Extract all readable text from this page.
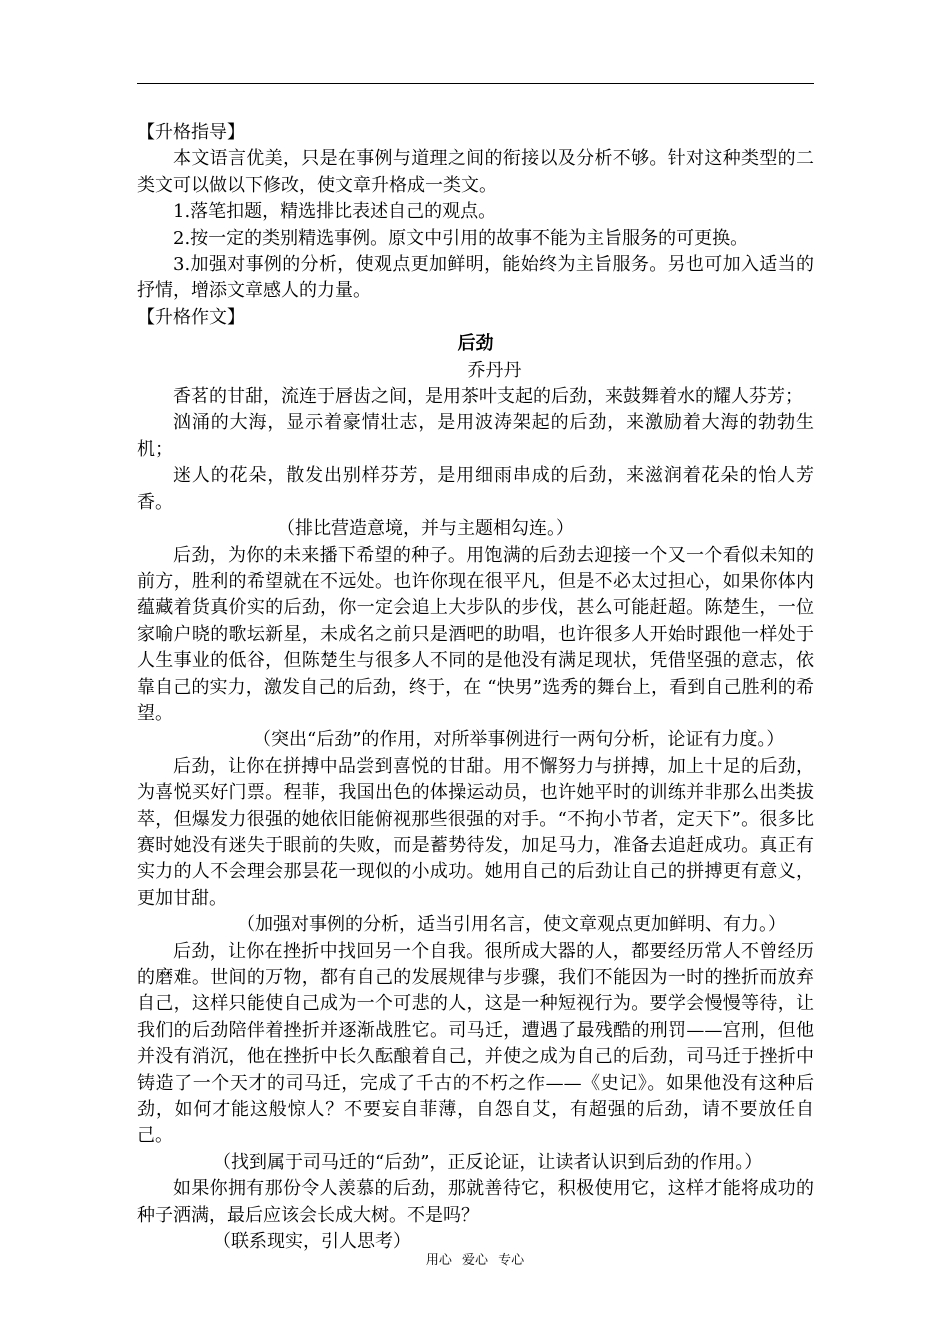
【升格指导】

本文语言优美，只是在事例与道理之间的衔接以及分析不够。针对这种类型的二类文可以做以下修改，使文章升格成一类文。

1.落笔扣题，精选排比表述自己的观点。

2.按一定的类别精选事例。原文中引用的故事不能为主旨服务的可更换。

3.加强对事例的分析，使观点更加鲜明，能始终为主旨服务。另也可加入适当的抒情，增添文章感人的力量。

【升格作文】

后劲

乔丹丹

香茗的甘甜，流连于唇齿之间，是用茶叶支起的后劲，来鼓舞着水的耀人芬芳；

汹涌的大海，显示着豪情壮志，是用波涛架起的后劲，来激励着大海的勃勃生机；

迷人的花朵，散发出别样芬芳，是用细雨串成的后劲，来滋润着花朵的怡人芳香。

（排比营造意境，并与主题相勾连。）

后劲，为你的未来播下希望的种子。用饱满的后劲去迎接一个又一个看似未知的前方，胜利的希望就在不远处。也许你现在很平凡，但是不必太过担心，如果你体内蕴藏着货真价实的后劲，你一定会追上大步队的步伐，甚么可能赶超。陈楚生，一位家喻户晓的歌坛新星，未成名之前只是酒吧的助唱，也许很多人开始时跟他一样处于人生事业的低谷，但陈楚生与很多人不同的是他没有满足现状，凭借坚强的意志，依靠自己的实力，激发自己的后劲，终于，在 “快男”选秀的舞台上，看到自己胜利的希望。

（突出“后劲”的作用，对所举事例进行一两句分析，论证有力度。）

后劲，让你在拼搏中品尝到喜悦的甘甜。用不懈努力与拼搏，加上十足的后劲，为喜悦买好门票。程菲，我国出色的体操运动员，也许她平时的训练并非那么出类拔萃，但爆发力很强的她依旧能俯视那些很强的对手。“不拘小节者，定天下”。很多比赛时她没有迷失于眼前的失败，而是蓄势待发，加足马力，准备去追赶成功。真正有实力的人不会理会那昙花一现似的小成功。她用自己的后劲让自己的拼搏更有意义，更加甘甜。

（加强对事例的分析，适当引用名言，使文章观点更加鲜明、有力。）

后劲，让你在挫折中找回另一个自我。很所成大器的人，都要经历常人不曾经历的磨难。世间的万物，都有自己的发展规律与步骤，我们不能因为一时的挫折而放弃自己，这样只能使自己成为一个可悲的人，这是一种短视行为。要学会慢慢等待，让我们的后劲陪伴着挫折并逐渐战胜它。司马迁，遭遇了最残酷的刑罚——宫刑，但他并没有消沉，他在挫折中长久酝酿着自己，并使之成为自己的后劲，司马迁于挫折中铸造了一个天才的司马迁，完成了千古的不朽之作——《史记》。如果他没有这种后劲，如何才能这般惊人？不要妄自菲薄，自怨自艾，有超强的后劲，请不要放任自己。

（找到属于司马迁的“后劲”，正反论证，让读者认识到后劲的作用。）

如果你拥有那份令人羡慕的后劲，那就善待它，积极使用它，这样才能将成功的种子洒满，最后应该会长成大树。不是吗？

（联系现实，引人思考）

用心 爱心 专心
